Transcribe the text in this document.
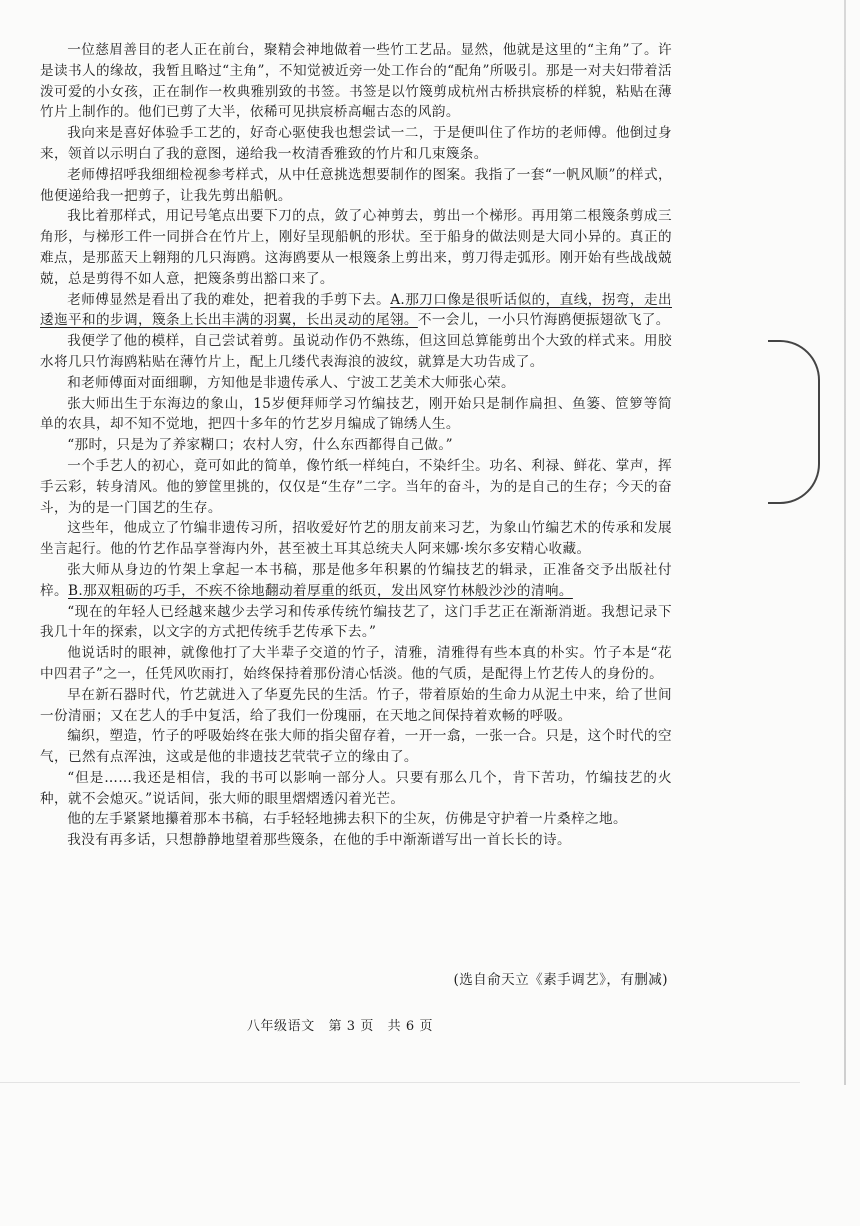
一位慈眉善目的老人正在前台，聚精会神地做着一些竹工艺品。显然，他就是这里的“主角”了。许是读书人的缘故，我暂且略过“主角”，不知觉被近旁一处工作台的“配角”所吸引。那是一对夫妇带着活泼可爱的小女孩，正在制作一枚典雅别致的书签。书签是以竹篾剪成杭州古桥拱宸桥的样貌，粘贴在薄竹片上制作的。他们已剪了大半，依稀可见拱宸桥高崛古态的风韵。

我向来是喜好体验手工艺的，好奇心驱使我也想尝试一二，于是便叫住了作坊的老师傅。他倒过身来，领首以示明白了我的意图，递给我一枚清香雅致的竹片和几束篾条。

老师傅招呼我细细检视参考样式，从中任意挑选想要制作的图案。我指了一套“一帆风顺”的样式，他便递给我一把剪子，让我先剪出船帆。

我比着那样式，用记号笔点出要下刀的点，敛了心神剪去，剪出一个梯形。再用第二根篾条剪成三角形，与梯形工件一同拼合在竹片上，刚好呈现船帆的形状。至于船身的做法则是大同小异的。真正的难点，是那蓝天上翱翔的几只海鸥。这海鸥要从一根篾条上剪出来，剪刀得走弧形。刚开始有些战战兢兢，总是剪得不如人意，把篾条剪出豁口来了。

老师傅显然是看出了我的难处，把着我的手剪下去。A.那刀口像是很听话似的，直线，拐弯，走出逶迤平和的步调，篾条上长出丰满的羽翼，长出灵动的尾翎。不一会儿，一小只竹海鸥便振翅欲飞了。

我便学了他的模样，自己尝试着剪。虽说动作仍不熟练，但这回总算能剪出个大致的样式来。用胶水将几只竹海鸥粘贴在薄竹片上，配上几缕代表海浪的波纹，就算是大功告成了。

和老师傅面对面细聊，方知他是非遗传承人、宁波工艺美术大师张心荣。

张大师出生于东海边的象山，15岁便拜师学习竹编技艺，刚开始只是制作扁担、鱼篓、笸箩等简单的农具，却不知不觉地，把四十多年的竹艺岁月编成了锦绣人生。

“那时，只是为了养家糊口；农村人穷，什么东西都得自己做。”

一个手艺人的初心，竟可如此的简单，像竹纸一样纯白，不染纤尘。功名、利禄、鲜花、掌声，挥手云彩，转身清风。他的箩筐里挑的，仅仅是“生存”二字。当年的奋斗，为的是自己的生存；今天的奋斗，为的是一门国艺的生存。

这些年，他成立了竹编非遗传习所，招收爱好竹艺的朋友前来习艺，为象山竹编艺术的传承和发展坐言起行。他的竹艺作品享誉海内外，甚至被土耳其总统夫人阿来娜·埃尔多安精心收藏。

张大师从身边的竹架上拿起一本书稿，那是他多年积累的竹编技艺的辑录，正准备交予出版社付梓。B.那双粗砺的巧手，不疾不徐地翻动着厚重的纸页，发出风穿竹林般沙沙的清响。

“现在的年轻人已经越来越少去学习和传承传统竹编技艺了，这门手艺正在渐渐消逝。我想记录下我几十年的探索，以文字的方式把传统手艺传承下去。”

他说话时的眼神，就像他打了大半辈子交道的竹子，清雅，清雅得有些本真的朴实。竹子本是“花中四君子”之一，任凭风吹雨打，始终保持着那份清心恬淡。他的气质，是配得上竹艺传人的身份的。

早在新石器时代，竹艺就进入了华夏先民的生活。竹子，带着原始的生命力从泥土中来，给了世间一份清丽；又在艺人的手中复活，给了我们一份瑰丽，在天地之间保持着欢畅的呼吸。

编织，塑造，竹子的呼吸始终在张大师的指尖留存着，一开一翕，一张一合。只是，这个时代的空气，已然有点浑浊，这或是他的非遗技艺茕茕孑立的缘由了。

“但是……我还是相信，我的书可以影响一部分人。只要有那么几个，肯下苦功，竹编技艺的火种，就不会熄灭。”说话间，张大师的眼里熠熠透闪着光芒。

他的左手紧紧地攥着那本书稿，右手轻轻地拂去积下的尘灰，仿佛是守护着一片桑梓之地。

我没有再多话，只想静静地望着那些篾条，在他的手中渐渐谱写出一首长长的诗。

(选自俞天立《素手调艺》，有删减)
八年级语文　第 3 页　共 6 页
